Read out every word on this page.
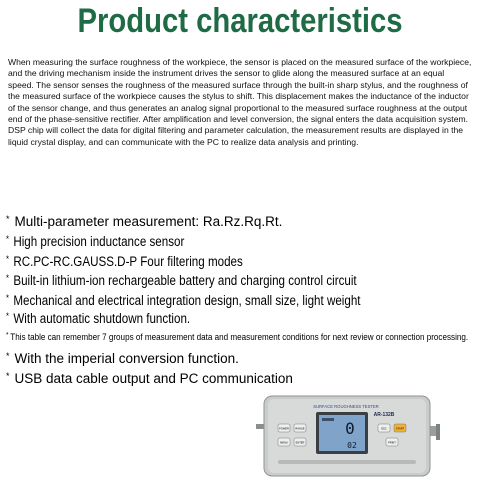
Product characteristics
When measuring the surface roughness of the workpiece, the sensor is placed on the measured surface of the workpiece, and the driving mechanism inside the instrument drives the sensor to glide along the measured surface at an equal speed. The sensor senses the roughness of the measured surface through the built-in sharp stylus, and the roughness of the measured surface of the workpiece causes the stylus to shift. This displacement makes the inductance of the inductor of the sensor change, and thus generates an analog signal proportional to the measured surface roughness at the output end of the phase-sensitive rectifier. After amplification and level conversion, the signal enters the data acquisition system. DSP chip will collect the data for digital filtering and parameter calculation, the measurement results are displayed in the liquid crystal display, and can communicate with the PC to realize data analysis and printing.
* Multi-parameter measurement: Ra.Rz.Rq.Rt.
* High precision inductance sensor
* RC.PC-RC.GAUSS.D-P Four filtering modes
* Built-in lithium-ion rechargeable battery and charging control circuit
* Mechanical and electrical integration design, small size, light weight
* With automatic shutdown function.
* This table can remember 7 groups of measurement data and measurement conditions for next review or connection processing.
* With the imperial conversion function.
* USB data cable output and PC communication
SURFACE ROUGHNESS TESTER
AR-132B
0
02
POWER RANGE
MENU	ENTER
ESC	START
PRINT
